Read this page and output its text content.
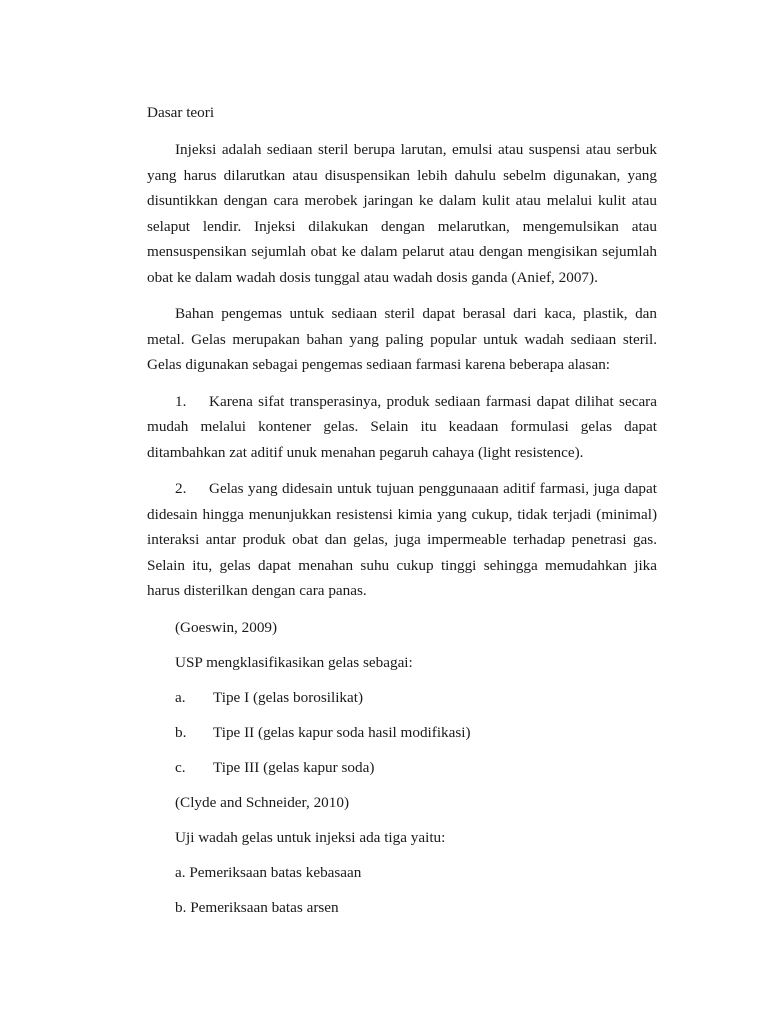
Dasar teori

Injeksi adalah sediaan steril berupa larutan, emulsi atau suspensi atau serbuk yang harus dilarutkan atau disuspensikan lebih dahulu sebelm digunakan, yang disuntikkan dengan cara merobek jaringan ke dalam kulit atau melalui kulit atau selaput lendir. Injeksi dilakukan dengan melarutkan, mengemulsikan atau mensuspensikan sejumlah obat ke dalam pelarut atau dengan mengisikan sejumlah obat ke dalam wadah dosis tunggal atau wadah dosis ganda (Anief, 2007).

Bahan pengemas untuk sediaan steril dapat berasal dari kaca, plastik, dan metal. Gelas merupakan bahan yang paling popular untuk wadah sediaan steril. Gelas digunakan sebagai pengemas sediaan farmasi karena beberapa alasan:

1. Karena sifat transperasinya, produk sediaan farmasi dapat dilihat secara mudah melalui kontener gelas. Selain itu keadaan formulasi gelas dapat ditambahkan zat aditif unuk menahan pegaruh cahaya (light resistence).

2. Gelas yang didesain untuk tujuan penggunaaan aditif farmasi, juga dapat didesain hingga menunjukkan resistensi kimia yang cukup, tidak terjadi (minimal) interaksi antar produk obat dan gelas, juga impermeable terhadap penetrasi gas. Selain itu, gelas dapat menahan suhu cukup tinggi sehingga memudahkan jika harus disterilkan dengan cara panas.

(Goeswin, 2009)

USP mengklasifikasikan gelas sebagai:

a. Tipe I (gelas borosilikat)

b. Tipe II (gelas kapur soda hasil modifikasi)

c. Tipe III (gelas kapur soda)

(Clyde and Schneider, 2010)

Uji wadah gelas untuk injeksi ada tiga yaitu:

a. Pemeriksaan batas kebasaan

b. Pemeriksaan batas arsen
